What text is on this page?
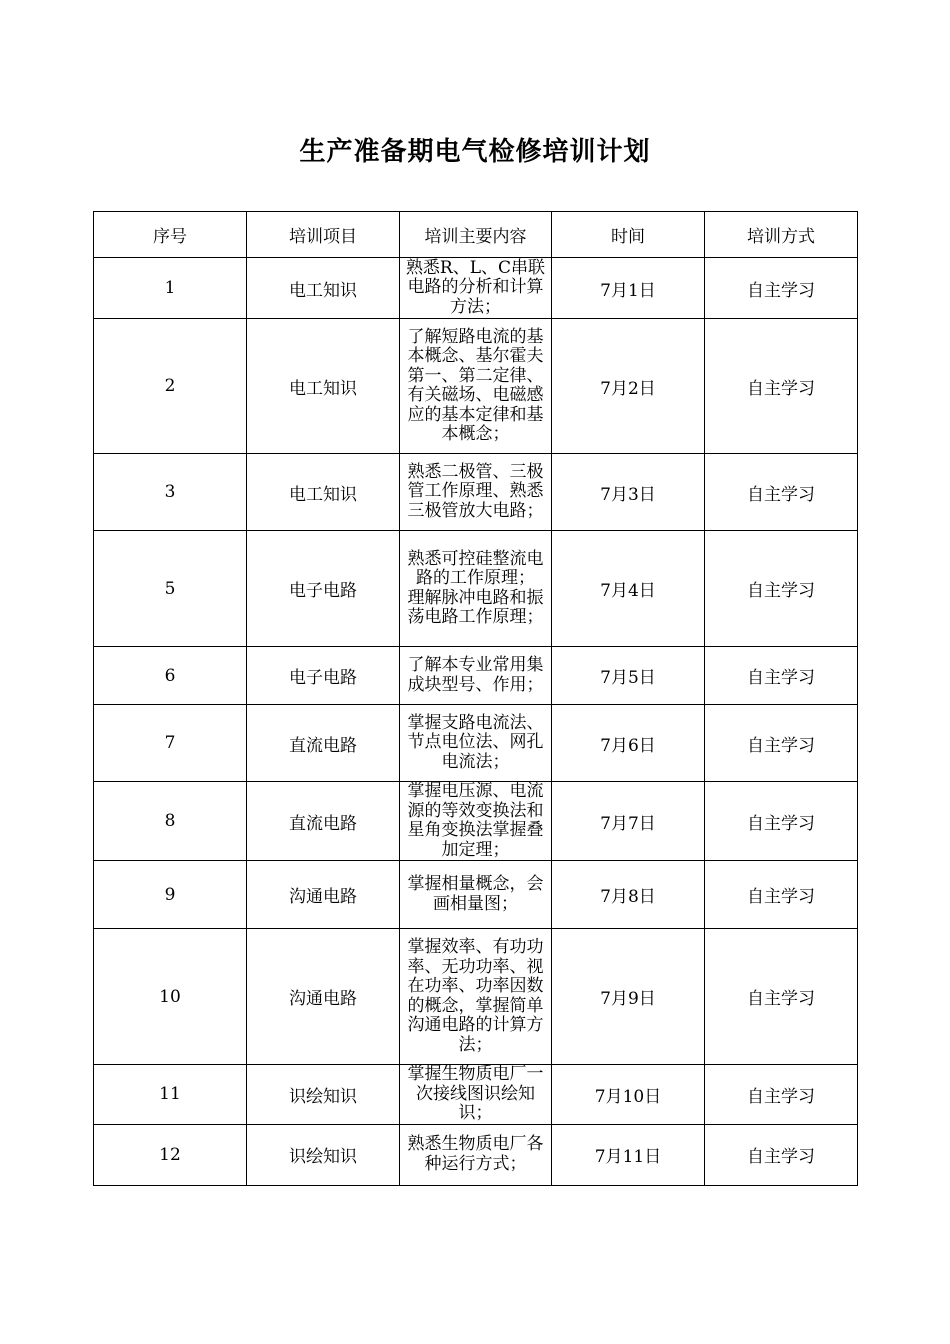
生产准备期电气检修培训计划
序号	培训项目	培训主要内容	时间	培训方式
1	电工知识	熟悉R、L、C串联电路的分析和计算方法；	7月1日	自主学习
2	电工知识	了解短路电流的基本概念、基尔霍夫第一、第二定律、有关磁场、电磁感应的基本定律和基本概念；	7月2日	自主学习
3	电工知识	熟悉二极管、三极管工作原理、熟悉三极管放大电路；	7月3日	自主学习
5	电子电路	熟悉可控硅整流电路的工作原理；
理解脉冲电路和振荡电路工作原理；	7月4日	自主学习
6	电子电路	了解本专业常用集成块型号、作用；	7月5日	自主学习
7	直流电路	掌握支路电流法、节点电位法、网孔电流法；	7月6日	自主学习
8	直流电路	掌握电压源、电流源的等效变换法和星角变换法掌握叠加定理；	7月7日	自主学习
9	沟通电路	掌握相量概念，会画相量图；	7月8日	自主学习
10	沟通电路	掌握效率、有功功率、无功功率、视在功率、功率因数的概念，掌握简单沟通电路的计算方法；	7月9日	自主学习
11	识绘知识	掌握生物质电厂一次接线图识绘知识；	7月10日	自主学习
12	识绘知识	熟悉生物质电厂各种运行方式；	7月11日	自主学习
